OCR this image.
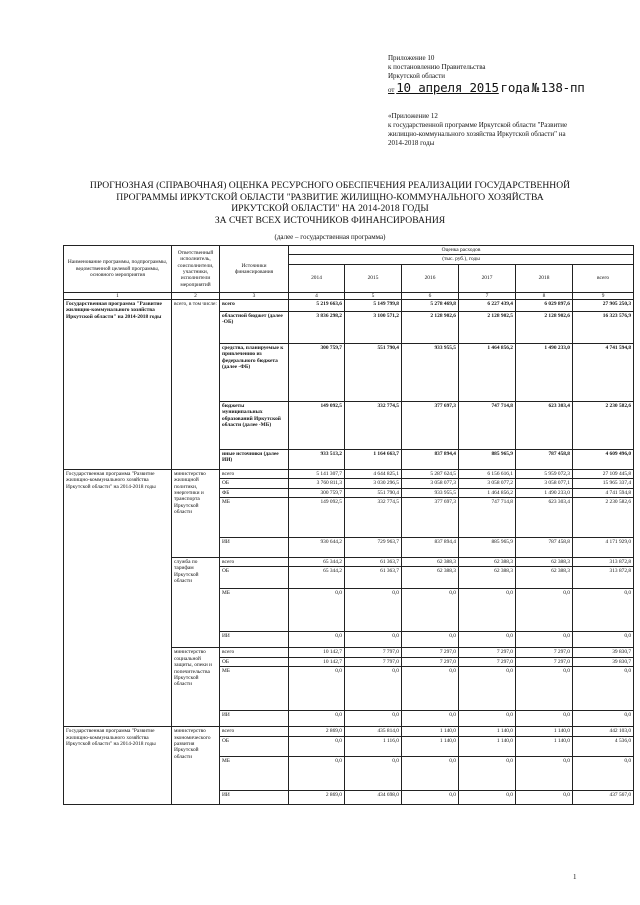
Приложение 10
к постановлению Правительства
Иркутской области
от 10 апреля 2015 года № 138-пп
«Приложение 12
к государственной программе Иркутской области "Развитие жилищно-коммунального хозяйства Иркутской области" на 2014-2018 годы
ПРОГНОЗНАЯ (СПРАВОЧНАЯ) ОЦЕНКА РЕСУРСНОГО ОБЕСПЕЧЕНИЯ РЕАЛИЗАЦИИ ГОСУДАРСТВЕННОЙ
ПРОГРАММЫ ИРКУТСКОЙ ОБЛАСТИ "РАЗВИТИЕ ЖИЛИЩНО-КОММУНАЛЬНОГО ХОЗЯЙСТВА
ИРКУТСКОЙ ОБЛАСТИ" НА 2014-2018 ГОДЫ
ЗА СЧЕТ ВСЕХ ИСТОЧНИКОВ ФИНАНСИРОВАНИЯ
(далее – государственная программа)
Наименование программы, подпрограммы, ведомственной целевой программы, основного мероприятия	Ответственный исполнитель, соисполнители, участники, исполнители мероприятий	Источники финансирования	Оценка расходов					
			(тыс. руб.), годы					
			2014	2015	2016	2017	2018	всего
1	2	3	4	5	6	7	8	9
Государственная программа "Развитие жилищно-коммунального хозяйства Иркутской области" на 2014-2018 годы	всего, в том числе:	всего	5 219 663,6	5 149 799,8	5 278 469,8	6 227 439,4	6 029 897,6	27 905 250,3
		областной бюджет (далее -ОБ)	3 836 298,2	3 100 571,2	2 128 902,6	2 128 902,5	2 128 902,6	16 323 576,9
		средства, планируемые к привлечению из федерального бюджета (далее -ФБ)	300 759,7	551 790,4	933 955,5	1 464 856,2	1 490 233,0	4 741 594,8
		бюджеты муниципальных образований Иркутской области (далее -МБ)	149 092,5	332 774,5	377 697,3	747 714,8	623 303,4	2 230 582,6
		иные источники (далее ИИ)	933 513,2	1 164 663,7	837 894,4	885 965,9	787 458,8	4 609 496,0
Государственная программа "Развитие жилищно-коммунального хозяйства Иркутской области" на 2014-2018 годы	министерство жилищной политики, энергетики и транспорта Иркутской области	всего	5 141 307,7	4 644 825,1	5 287 624,5	6 156 616,1	5 959 072,3	27 109 445,8
		ОБ	3 760 811,3	3 030 296,5	3 058 077,3	3 058 077,2	3 058 077,1	15 965 337,4
		ФБ	300 759,7	551 790,4	933 955,5	1 464 856,2	1 490 233,0	4 741 594,8
		МБ	149 092,5	332 774,5	377 697,3	747 714,8	623 303,4	2 230 582,6
		ИИ	930 644,2	729 963,7	837 894,4	885 965,9	787 458,8	4 171 929,0
	служба по тарифам Иркутской области	всего	65 344,2	61 363,7	62 388,3	62 388,3	62 388,3	313 872,8
		ОБ	65 344,2	61 363,7	62 388,3	62 388,3	62 388,3	313 872,8
		МБ	0,0	0,0	0,0	0,0	0,0	0,0
		ИИ	0,0	0,0	0,0	0,0	0,0	0,0
	министерство социальной защиты, опеки и попечительства Иркутской области	всего	10 142,7	7 797,0	7 297,0	7 297,0	7 297,0	39 830,7
		ОБ	10 142,7	7 797,0	7 297,0	7 297,0	7 297,0	39 830,7
		МБ	0,0	0,0	0,0	0,0	0,0	0,0
		ИИ	0,0	0,0	0,0	0,0	0,0	0,0
Государственная программа "Развитие жилищно-коммунального хозяйства Иркутской области" на 2014-2018 годы	министерство экономического развития Иркутской области	всего	2 869,0	435 814,0	1 140,0	1 140,0	1 140,0	442 103,0
		ОБ	0,0	1 116,0	1 140,0	1 140,0	1 140,0	4 536,0
		МБ	0,0	0,0	0,0	0,0	0,0	0,0
		ИИ	2 869,0	434 698,0	0,0	0,0	0,0	437 567,0
1
